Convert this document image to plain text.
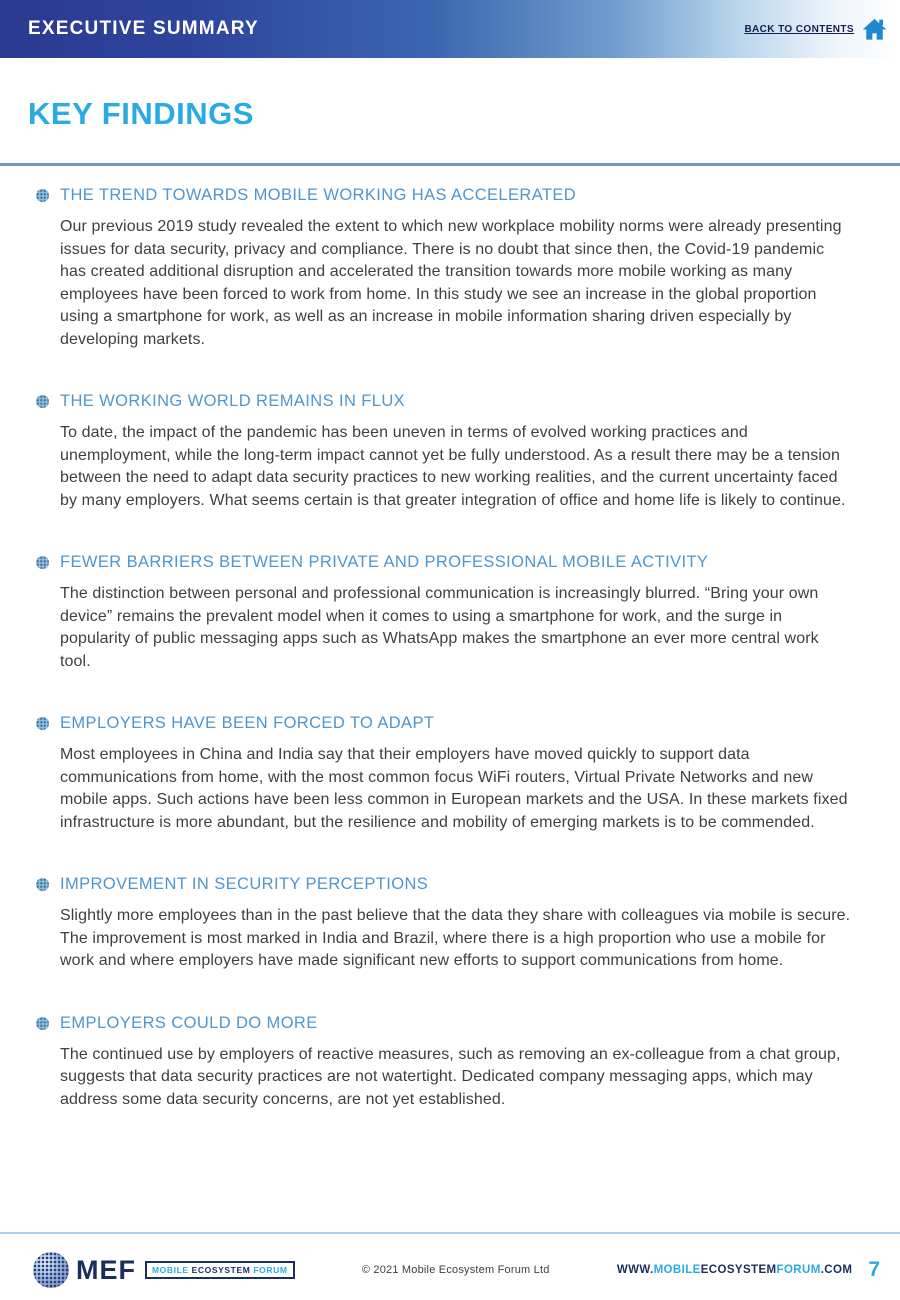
EXECUTIVE SUMMARY	BACK TO CONTENTS
KEY FINDINGS
THE TREND TOWARDS MOBILE WORKING HAS ACCELERATED
Our previous 2019 study revealed the extent to which new workplace mobility norms were already presenting issues for data security, privacy and compliance. There is no doubt that since then, the Covid-19 pandemic has created additional disruption and accelerated the transition towards more mobile working as many employees have been forced to work from home. In this study we see an increase in the global proportion using a smartphone for work, as well as an increase in mobile information sharing driven especially by developing markets.
THE WORKING WORLD REMAINS IN FLUX
To date, the impact of the pandemic has been uneven in terms of evolved working practices and unemployment, while the long-term impact cannot yet be fully understood. As a result there may be a tension between the need to adapt data security practices to new working realities, and the current uncertainty faced by many employers. What seems certain is that greater integration of office and home life is likely to continue.
FEWER BARRIERS BETWEEN PRIVATE AND PROFESSIONAL MOBILE ACTIVITY
The distinction between personal and professional communication is increasingly blurred. “Bring your own device” remains the prevalent model when it comes to using a smartphone for work, and the surge in popularity of public messaging apps such as WhatsApp makes the smartphone an ever more central work tool.
EMPLOYERS HAVE BEEN FORCED TO ADAPT
Most employees in China and India say that their employers have moved quickly to support data communications from home, with the most common focus WiFi routers, Virtual Private Networks and new mobile apps. Such actions have been less common in European markets and the USA. In these markets fixed infrastructure is more abundant, but the resilience and mobility of emerging markets is to be commended.
IMPROVEMENT IN SECURITY PERCEPTIONS
Slightly more employees than in the past believe that the data they share with colleagues via mobile is secure. The improvement is most marked in India and Brazil, where there is a high proportion who use a mobile for work and where employers have made significant new efforts to support communications from home.
EMPLOYERS COULD DO MORE
The continued use by employers of reactive measures, such as removing an ex-colleague from a chat group, suggests that data security practices are not watertight. Dedicated company messaging apps, which may address some data security concerns, are not yet established.
MEF	MOBILE ECOSYSTEM FORUM	© 2021 Mobile Ecosystem Forum Ltd	WWW.MOBILEECOSYSTEMFORUM.COM 7
